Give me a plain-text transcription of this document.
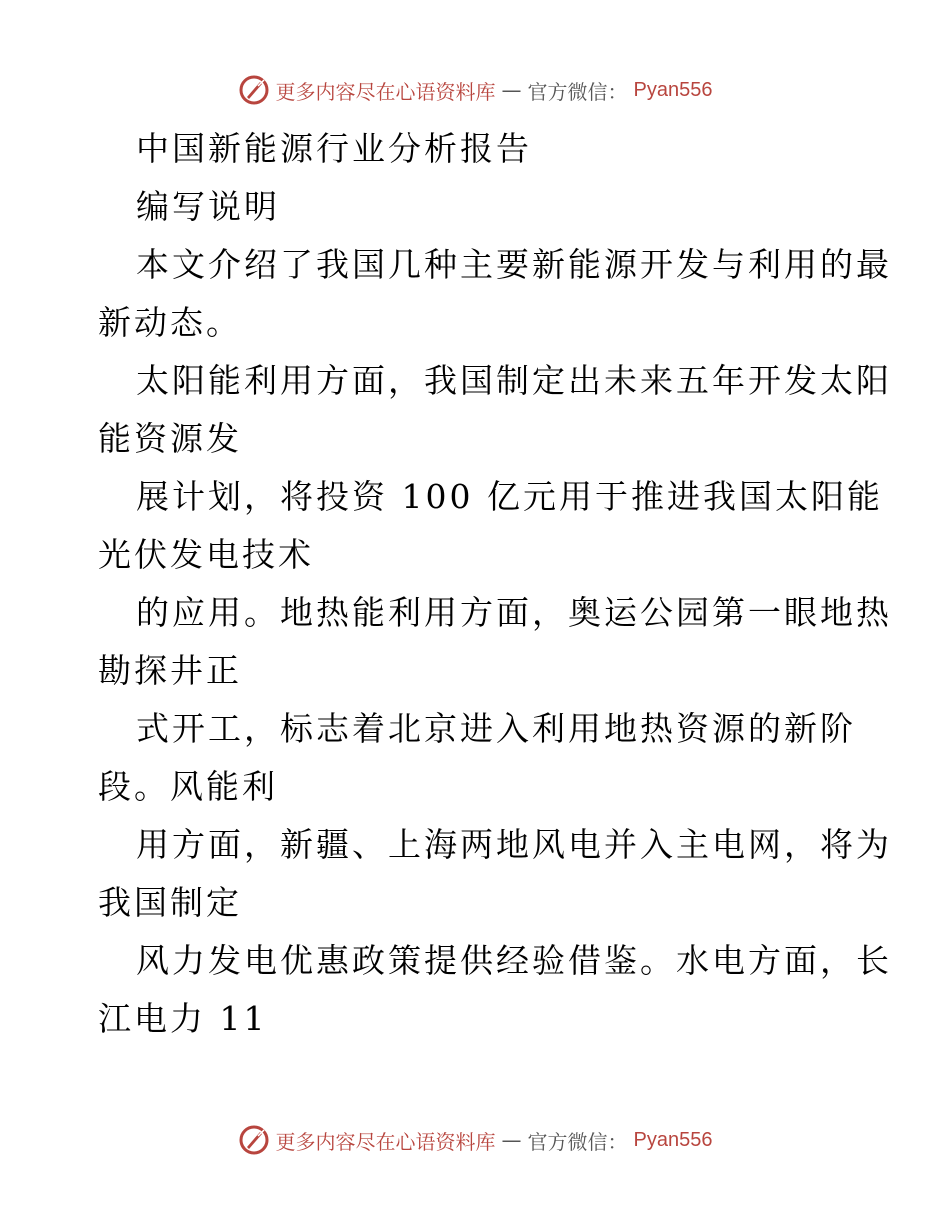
更多内容尽在心语资料库 — 官方微信： Pyan556
中国新能源行业分析报告
编写说明
本文介绍了我国几种主要新能源开发与利用的最
新动态。
太阳能利用方面，我国制定出未来五年开发太阳
能资源发
展计划，将投资 100 亿元用于推进我国太阳能
光伏发电技术
的应用。地热能利用方面，奥运公园第一眼地热
勘探井正
式开工，标志着北京进入利用地热资源的新阶
段。风能利
用方面，新疆、上海两地风电并入主电网，将为
我国制定
风力发电优惠政策提供经验借鉴。水电方面，长
江电力 11
更多内容尽在心语资料库 — 官方微信： Pyan556
